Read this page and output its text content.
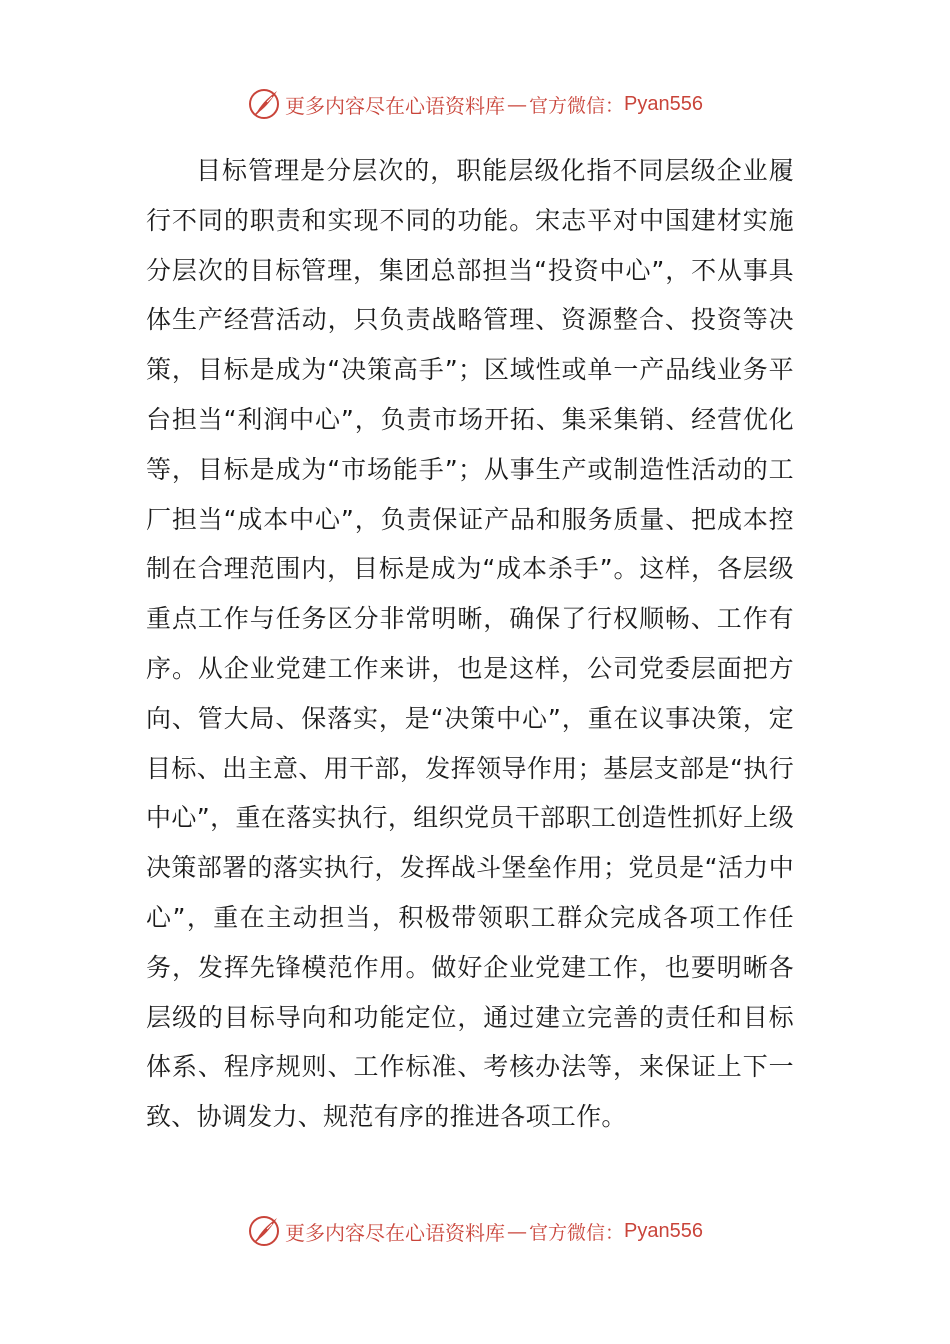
更多内容尽在心语资料库 — 官方微信： Pyan556

目标管理是分层次的，职能层级化指不同层级企业履行不同的职责和实现不同的功能。宋志平对中国建材实施分层次的目标管理，集团总部担当“投资中心”，不从事具体生产经营活动，只负责战略管理、资源整合、投资等决策，目标是成为“决策高手”；区域性或单一产品线业务平台担当“利润中心”，负责市场开拓、集采集销、经营优化等，目标是成为“市场能手”；从事生产或制造性活动的工厂担当“成本中心”，负责保证产品和服务质量、把成本控制在合理范围内，目标是成为“成本杀手”。这样，各层级重点工作与任务区分非常明晰，确保了行权顺畅、工作有序。从企业党建工作来讲，也是这样，公司党委层面把方向、管大局、保落实，是“决策中心”，重在议事决策，定目标、出主意、用干部，发挥领导作用；基层支部是“执行中心”，重在落实执行，组织党员干部职工创造性抓好上级决策部署的落实执行，发挥战斗堡垒作用；党员是“活力中心”，重在主动担当，积极带领职工群众完成各项工作任务，发挥先锋模范作用。做好企业党建工作，也要明晰各层级的目标导向和功能定位，通过建立完善的责任和目标体系、程序规则、工作标准、考核办法等，来保证上下一致、协调发力、规范有序的推进各项工作。

更多内容尽在心语资料库 — 官方微信： Pyan556
